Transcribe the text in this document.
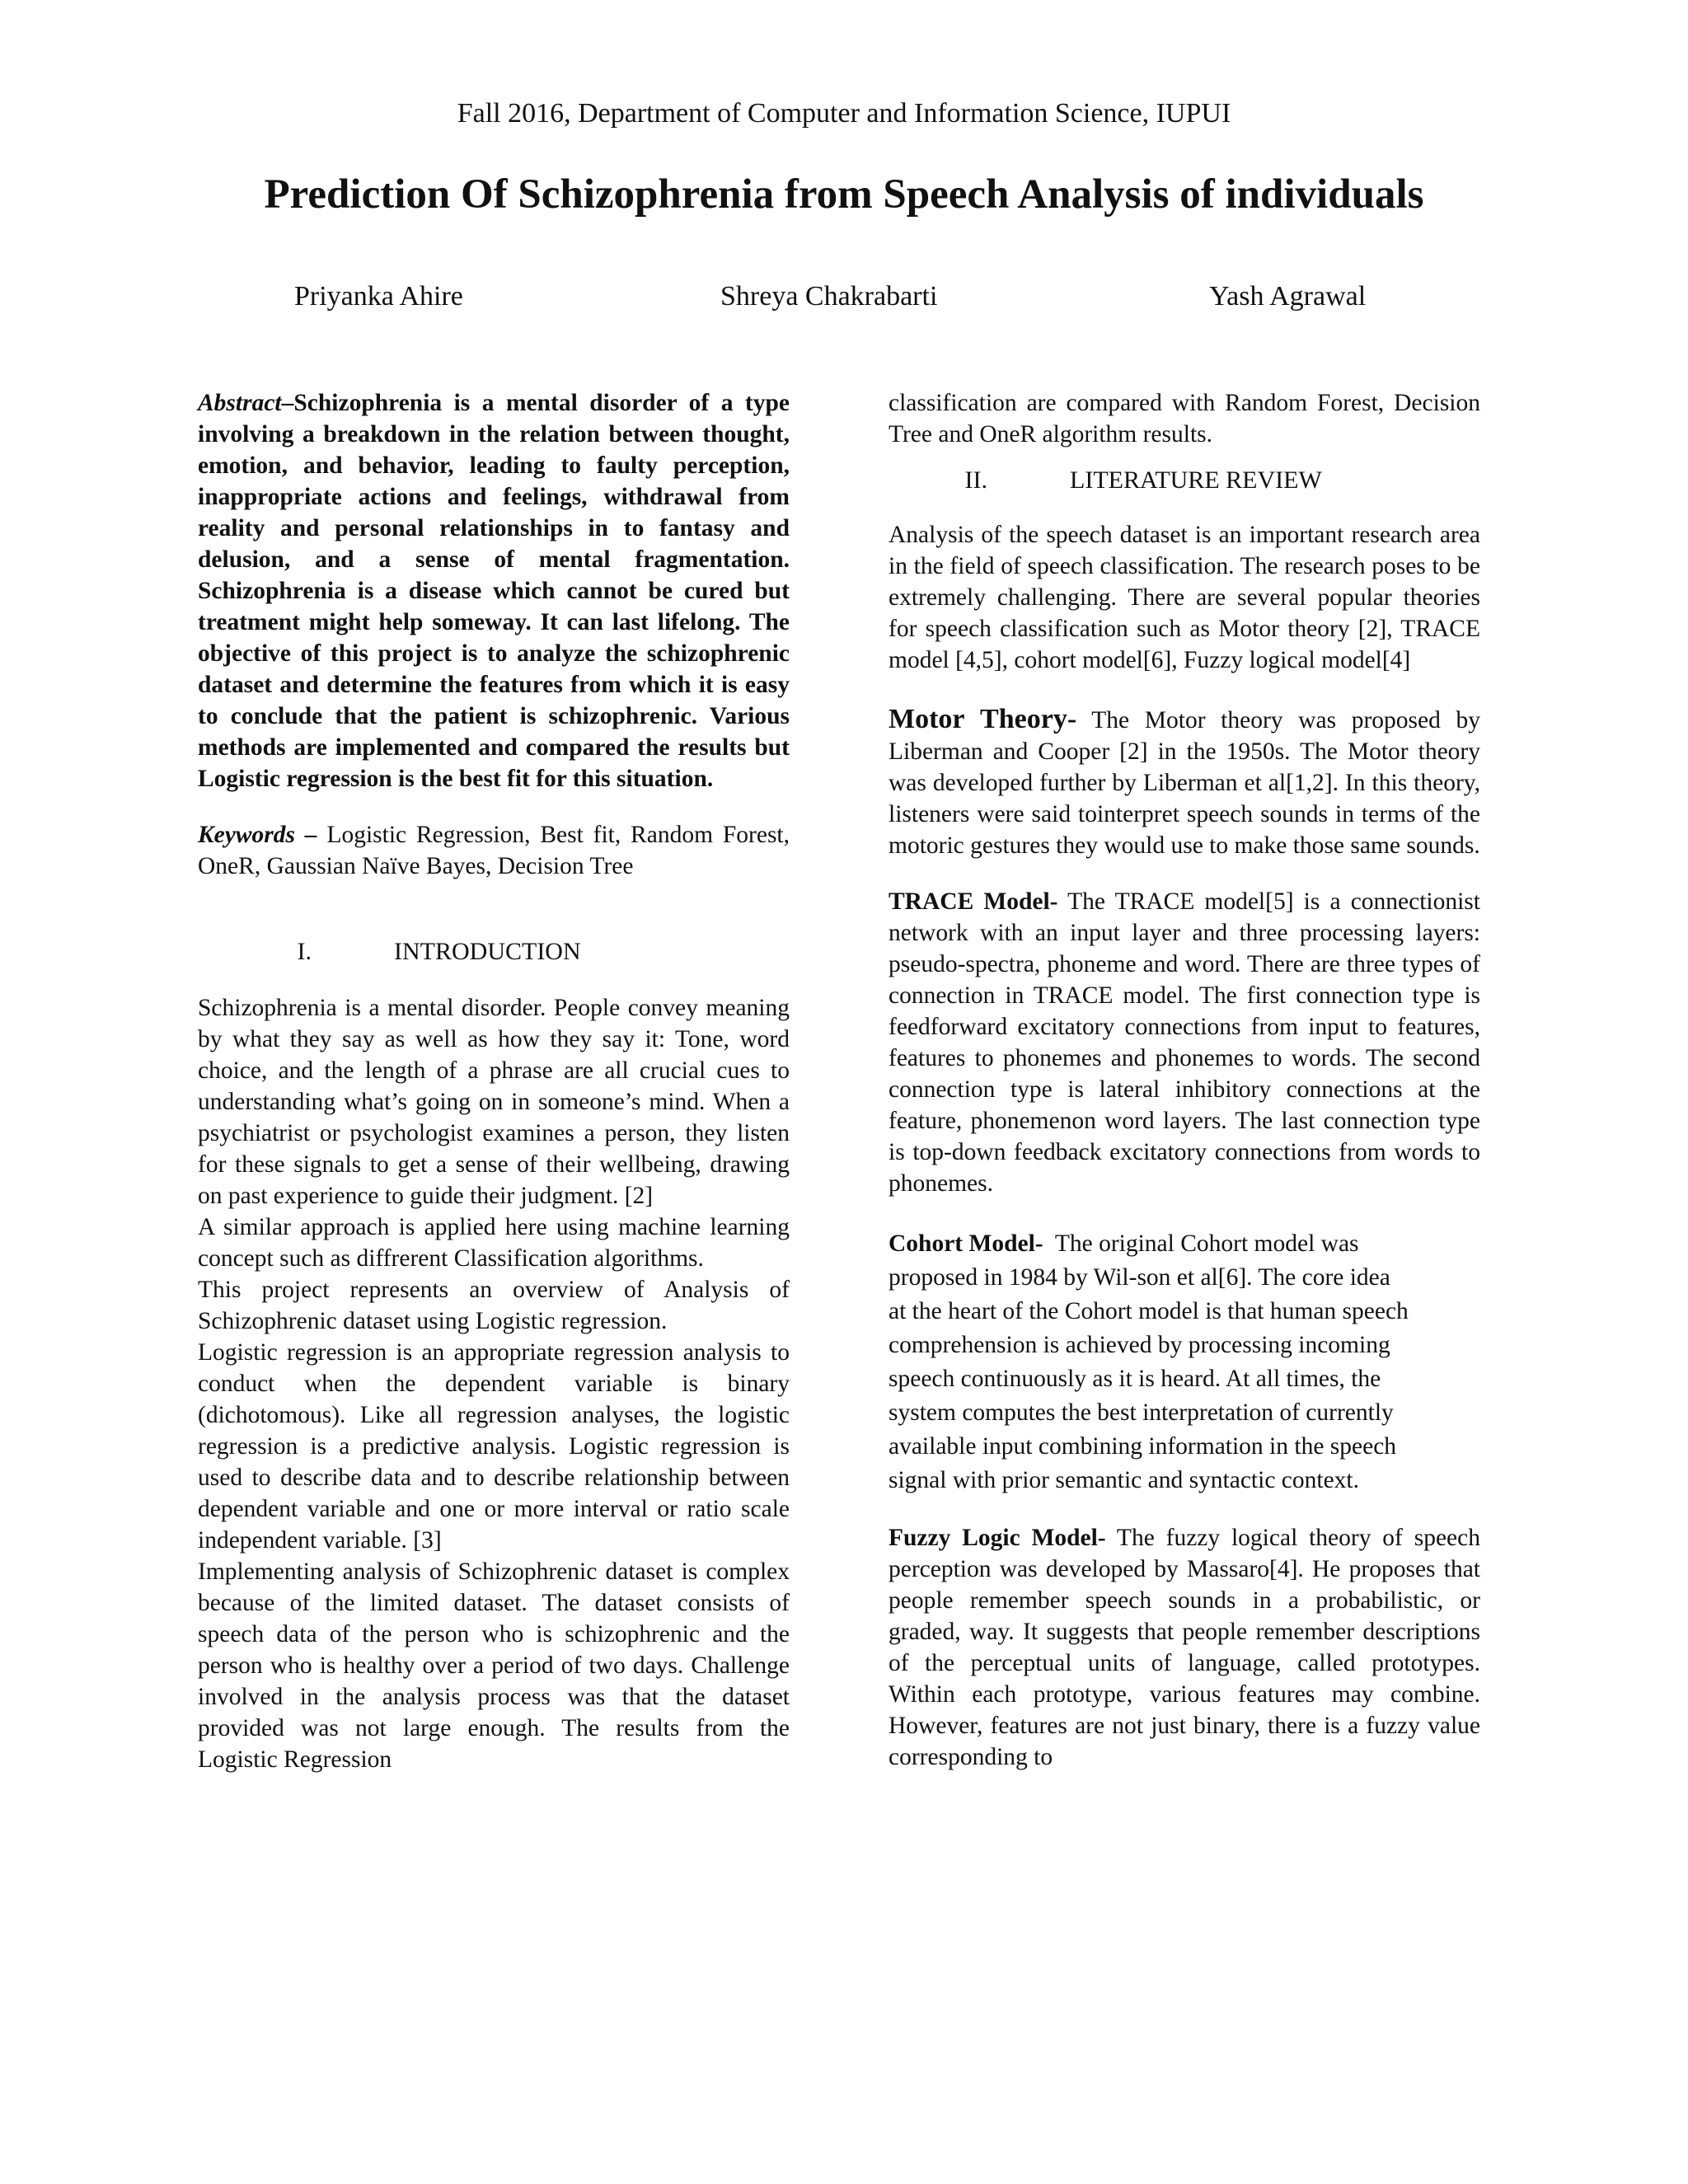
Fall 2016, Department of Computer and Information Science, IUPUI
Prediction Of Schizophrenia from Speech Analysis of individuals
Priyanka Ahire	Shreya Chakrabarti	Yash Agrawal

Abstract–Schizophrenia is a mental disorder of a type involving a breakdown in the relation between thought, emotion, and behavior, leading to faulty perception, inappropriate actions and feelings, withdrawal from reality and personal relationships in to fantasy and delusion, and a sense of mental fragmentation. Schizophrenia is a disease which cannot be cured but treatment might help someway. It can last lifelong. The objective of this project is to analyze the schizophrenic dataset and determine the features from which it is easy to conclude that the patient is schizophrenic. Various methods are implemented and compared the results but Logistic regression is the best fit for this situation.

Keywords – Logistic Regression, Best fit, Random Forest, OneR, Gaussian Naïve Bayes, Decision Tree

I.	INTRODUCTION

Schizophrenia is a mental disorder. People convey meaning by what they say as well as how they say it: Tone, word choice, and the length of a phrase are all crucial cues to understanding what’s going on in someone’s mind. When a psychiatrist or psychologist examines a person, they listen for these signals to get a sense of their wellbeing, drawing on past experience to guide their judgment. [2]

A similar approach is applied here using machine learning concept such as diffrerent Classification algorithms.

This project represents an overview of Analysis of Schizophrenic dataset using Logistic regression.

Logistic regression is an appropriate regression analysis to conduct when the dependent variable is binary (dichotomous). Like all regression analyses, the logistic regression is a predictive analysis. Logistic regression is used to describe data and to describe relationship between dependent variable and one or more interval or ratio scale independent variable. [3]

Implementing analysis of Schizophrenic dataset is complex because of the limited dataset. The dataset consists of speech data of the person who is schizophrenic and the person who is healthy over a period of two days. Challenge involved in the analysis process was that the dataset provided was not large enough. The results from the Logistic Regression

classification are compared with Random Forest, Decision Tree and OneR algorithm results.

II.	LITERATURE REVIEW

Analysis of the speech dataset is an important research area in the field of speech classification. The research poses to be extremely challenging. There are several popular theories for speech classification such as Motor theory [2], TRACE model [4,5], cohort model[6], Fuzzy logical model[4]

Motor Theory- The Motor theory was proposed by Liberman and Cooper [2] in the 1950s. The Motor theory was developed further by Liberman et al[1,2]. In this theory, listeners were said tointerpret speech sounds in terms of the motoric gestures they would use to make those same sounds.

TRACE Model- The TRACE model[5] is a connectionist network with an input layer and three processing layers: pseudo-spectra, phoneme and word. There are three types of connection in TRACE model. The first connection type is feedforward excitatory connections from input to features, features to phonemes and phonemes to words. The second connection type is lateral inhibitory connections at the feature, phonemenon word layers. The last connection type is top-down feedback excitatory connections from words to phonemes.

Cohort Model-  The original Cohort model was
proposed in 1984 by Wil-son et al[6]. The core idea
at the heart of the Cohort model is that human speech
comprehension is achieved by processing incoming
speech continuously as it is heard. At all times, the
system computes the best interpretation of currently
available input combining information in the speech
signal with prior semantic and syntactic context.

Fuzzy Logic Model- The fuzzy logical theory of speech perception was developed by Massaro[4]. He proposes that people remember speech sounds in a probabilistic, or graded, way. It suggests that people remember descriptions of the perceptual units of language, called prototypes. Within each prototype, various features may combine. However, features are not just binary, there is a fuzzy value corresponding to
